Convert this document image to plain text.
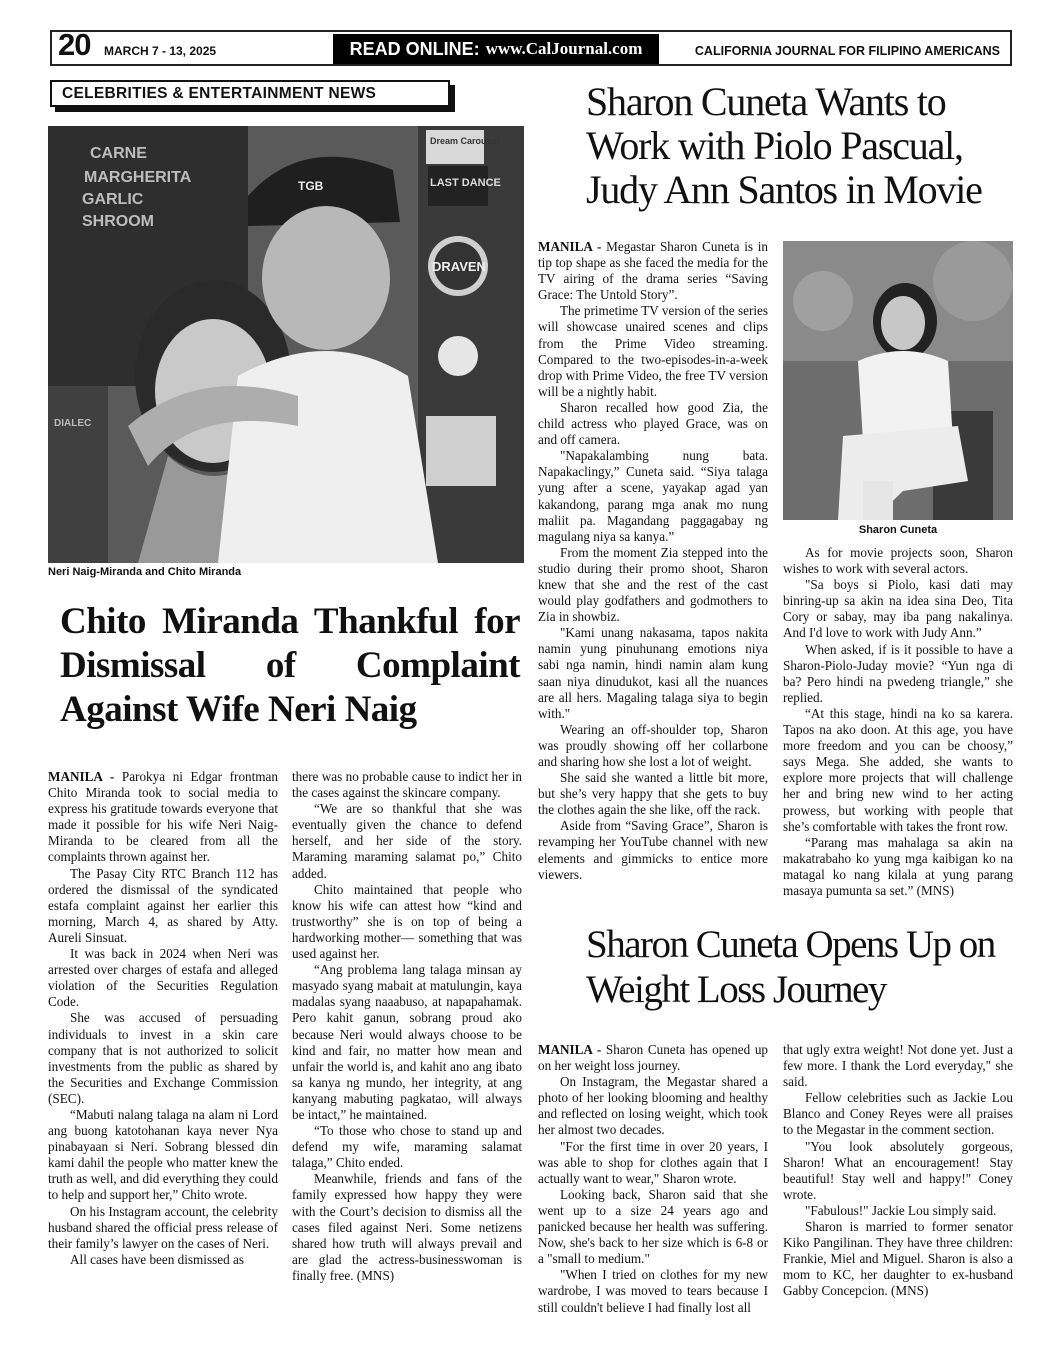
20 MARCH 7 - 13, 2025	READ ONLINE: www.CalJournal.com	CALIFORNIA JOURNAL FOR FILIPINO AMERICANS
CELEBRITIES & ENTERTAINMENT NEWS
CARNE
MARGHERITA
GARLIC
SHROOM
Dream Carousel
LAST DANCE
DRAVEN
DIALEC
TGB
Neri Naig-Miranda and Chito Miranda
Chito Miranda Thankful for Dismissal of Complaint Against Wife Neri Naig

MANILA - Parokya ni Edgar frontman Chito Miranda took to social media to express his gratitude towards everyone that made it possible for his wife Neri Naig-Miranda to be cleared from all the complaints thrown against her.

The Pasay City RTC Branch 112 has ordered the dismissal of the syndicated estafa complaint against her earlier this morning, March 4, as shared by Atty. Aureli Sinsuat.

It was back in 2024 when Neri was arrested over charges of estafa and alleged violation of the Securities Regulation Code.

She was accused of persuading individuals to invest in a skin care company that is not authorized to solicit investments from the public as shared by the Securities and Exchange Commission (SEC).

“Mabuti nalang talaga na alam ni Lord ang buong katotohanan kaya never Nya pinabayaan si Neri. Sobrang blessed din kami dahil the people who matter knew the truth as well, and did everything they could to help and support her,” Chito wrote.

On his Instagram account, the celebrity husband shared the official press release of their family’s lawyer on the cases of Neri.

All cases have been dismissed as

there was no probable cause to indict her in the cases against the skincare company.

“We are so thankful that she was eventually given the chance to defend herself, and her side of the story. Maraming maraming salamat po,” Chito added.

Chito maintained that people who know his wife can attest how “kind and trustworthy” she is on top of being a hardworking mother— something that was used against her.

“Ang problema lang talaga minsan ay masyado syang mabait at matulungin, kaya madalas syang naaabuso, at napapahamak. Pero kahit ganun, sobrang proud ako because Neri would always choose to be kind and fair, no matter how mean and unfair the world is, and kahit ano ang ibato sa kanya ng mundo, her integrity, at ang kanyang mabuting pagkatao, will always be intact,” he maintained.

“To those who chose to stand up and defend my wife, maraming salamat talaga,” Chito ended.

Meanwhile, friends and fans of the family expressed how happy they were with the Court’s decision to dismiss all the cases filed against Neri. Some netizens shared how truth will always prevail and are glad the actress-businesswoman is finally free. (MNS)

Sharon Cuneta Wants to Work with Piolo Pascual, Judy Ann Santos in Movie

MANILA - Megastar Sharon Cuneta is in tip top shape as she faced the media for the TV airing of the drama series “Saving Grace: The Untold Story”.

The primetime TV version of the series will showcase unaired scenes and clips from the Prime Video streaming. Compared to the two-episodes-in-a-week drop with Prime Video, the free TV version will be a nightly habit.

Sharon recalled how good Zia, the child actress who played Grace, was on and off camera.

"Napakalambing nung bata. Napakaclingy,” Cuneta said. “Siya talaga yung after a scene, yayakap agad yan kakandong, parang mga anak mo nung maliit pa. Magandang paggagabay ng magulang niya sa kanya.”

From the moment Zia stepped into the studio during their promo shoot, Sharon knew that she and the rest of the cast would play godfathers and godmothers to Zia in showbiz.

"Kami unang nakasama, tapos nakita namin yung pinuhunang emotions niya sabi nga namin, hindi namin alam kung saan niya dinudukot, kasi all the nuances are all hers. Magaling talaga siya to begin with."

Wearing an off-shoulder top, Sharon was proudly showing off her collarbone and sharing how she lost a lot of weight.

She said she wanted a little bit more, but she’s very happy that she gets to buy the clothes again the she like, off the rack.

Aside from “Saving Grace”, Sharon is revamping her YouTube channel with new elements and gimmicks to entice more viewers.

Sharon Cuneta

As for movie projects soon, Sharon wishes to work with several actors.

"Sa boys si Piolo, kasi dati may binring-up sa akin na idea sina Deo, Tita Cory or sabay, may iba pang nakalinya. And I'd love to work with Judy Ann.”

When asked, if is it possible to have a Sharon-Piolo-Juday movie? “Yun nga di ba? Pero hindi na pwedeng triangle,” she replied.

“At this stage, hindi na ko sa karera. Tapos na ako doon. At this age, you have more freedom and you can be choosy,” says Mega. She added, she wants to explore more projects that will challenge her and bring new wind to her acting prowess, but working with people that she’s comfortable with takes the front row.

“Parang mas mahalaga sa akin na makatrabaho ko yung mga kaibigan ko na matagal ko nang kilala at yung parang masaya pumunta sa set.” (MNS)

Sharon Cuneta Opens Up on Weight Loss Journey

MANILA - Sharon Cuneta has opened up on her weight loss journey.

On Instagram, the Megastar shared a photo of her looking blooming and healthy and reflected on losing weight, which took her almost two decades.

"For the first time in over 20 years, I was able to shop for clothes again that I actually want to wear," Sharon wrote.

Looking back, Sharon said that she went up to a size 24 years ago and panicked because her health was suffering. Now, she's back to her size which is 6-8 or a "small to medium."

"When I tried on clothes for my new wardrobe, I was moved to tears because I still couldn't believe I had finally lost all

that ugly extra weight! Not done yet. Just a few more. I thank the Lord everyday," she said.

Fellow celebrities such as Jackie Lou Blanco and Coney Reyes were all praises to the Megastar in the comment section.

"You look absolutely gorgeous, Sharon! What an encouragement! Stay beautiful! Stay well and happy!" Coney wrote.

"Fabulous!" Jackie Lou simply said.

Sharon is married to former senator Kiko Pangilinan. They have three children: Frankie, Miel and Miguel. Sharon is also a mom to KC, her daughter to ex-husband Gabby Concepcion. (MNS)
